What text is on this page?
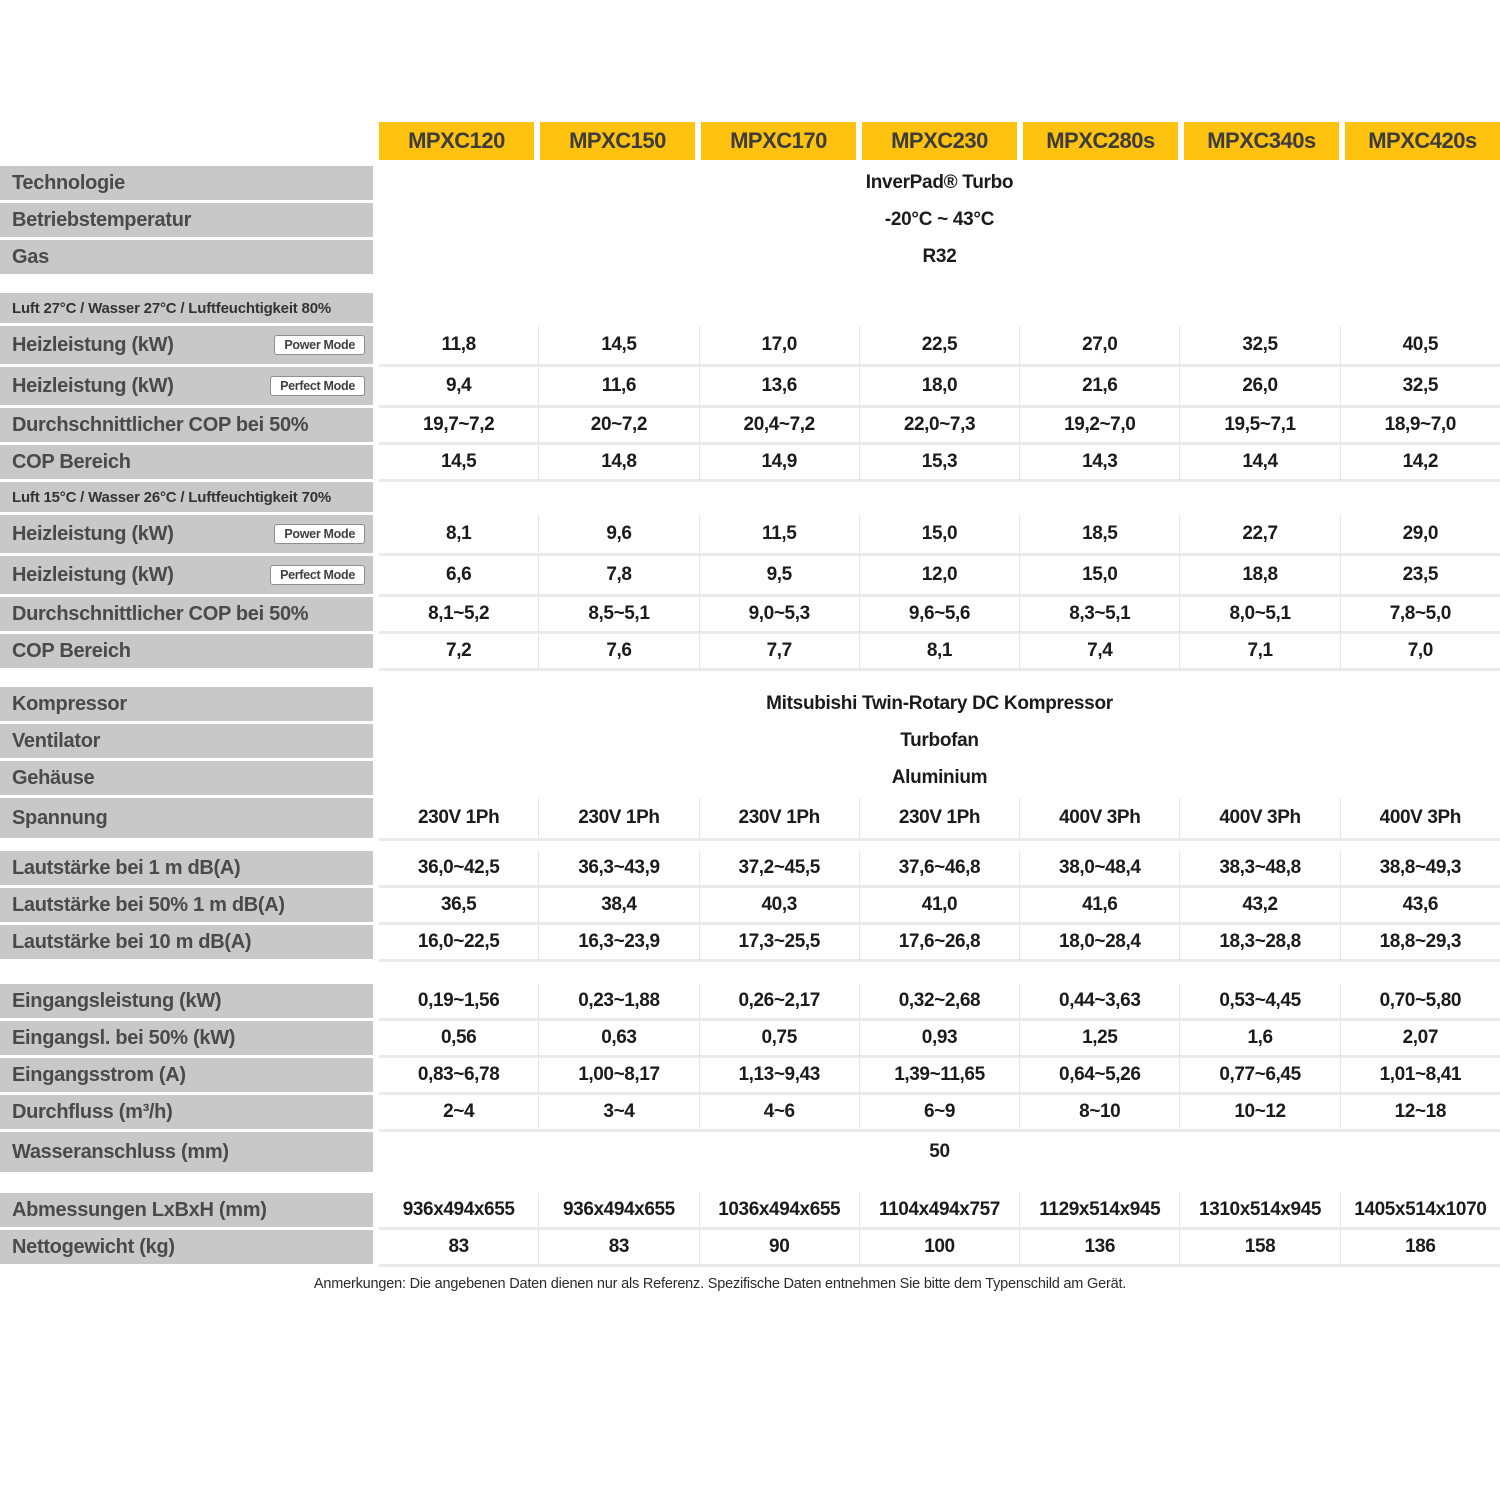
MPXC120	MPXC150	MPXC170	MPXC230	MPXC280s	MPXC340s	MPXC420s
Technologie	InverPad® Turbo
Betriebstemperatur	-20°C ~ 43°C
Gas	R32
Luft 27°C / Wasser 27°C / Luftfeuchtigkeit 80%
Heizleistung (kW)	Power Mode	11,8	14,5	17,0	22,5	27,0	32,5	40,5
Heizleistung (kW)	Perfect Mode	9,4	11,6	13,6	18,0	21,6	26,0	32,5
Durchschnittlicher COP bei 50%	19,7~7,2	20~7,2	20,4~7,2	22,0~7,3	19,2~7,0	19,5~7,1	18,9~7,0
COP Bereich	14,5	14,8	14,9	15,3	14,3	14,4	14,2
Luft 15°C / Wasser 26°C / Luftfeuchtigkeit 70%
Heizleistung (kW)	Power Mode	8,1	9,6	11,5	15,0	18,5	22,7	29,0
Heizleistung (kW)	Perfect Mode	6,6	7,8	9,5	12,0	15,0	18,8	23,5
Durchschnittlicher COP bei 50%	8,1~5,2	8,5~5,1	9,0~5,3	9,6~5,6	8,3~5,1	8,0~5,1	7,8~5,0
COP Bereich	7,2	7,6	7,7	8,1	7,4	7,1	7,0
Kompressor	Mitsubishi Twin-Rotary DC Kompressor
Ventilator	Turbofan
Gehäuse	Aluminium
Spannung	230V 1Ph	230V 1Ph	230V 1Ph	230V 1Ph	400V 3Ph	400V 3Ph	400V 3Ph
Lautstärke bei 1 m dB(A)	36,0~42,5	36,3~43,9	37,2~45,5	37,6~46,8	38,0~48,4	38,3~48,8	38,8~49,3
Lautstärke bei 50% 1 m dB(A)	36,5	38,4	40,3	41,0	41,6	43,2	43,6
Lautstärke bei 10 m dB(A)	16,0~22,5	16,3~23,9	17,3~25,5	17,6~26,8	18,0~28,4	18,3~28,8	18,8~29,3
Eingangsleistung (kW)	0,19~1,56	0,23~1,88	0,26~2,17	0,32~2,68	0,44~3,63	0,53~4,45	0,70~5,80
Eingangsl. bei 50% (kW)	0,56	0,63	0,75	0,93	1,25	1,6	2,07
Eingangsstrom (A)	0,83~6,78	1,00~8,17	1,13~9,43	1,39~11,65	0,64~5,26	0,77~6,45	1,01~8,41
Durchfluss (m³/h)	2~4	3~4	4~6	6~9	8~10	10~12	12~18
Wasseranschluss (mm)	50
Abmessungen LxBxH (mm)	936x494x655	936x494x655	1036x494x655	1104x494x757	1129x514x945	1310x514x945	1405x514x1070
Nettogewicht (kg)	83	83	90	100	136	158	186
Anmerkungen: Die angebenen Daten dienen nur als Referenz. Spezifische Daten entnehmen Sie bitte dem Typenschild am Gerät.
